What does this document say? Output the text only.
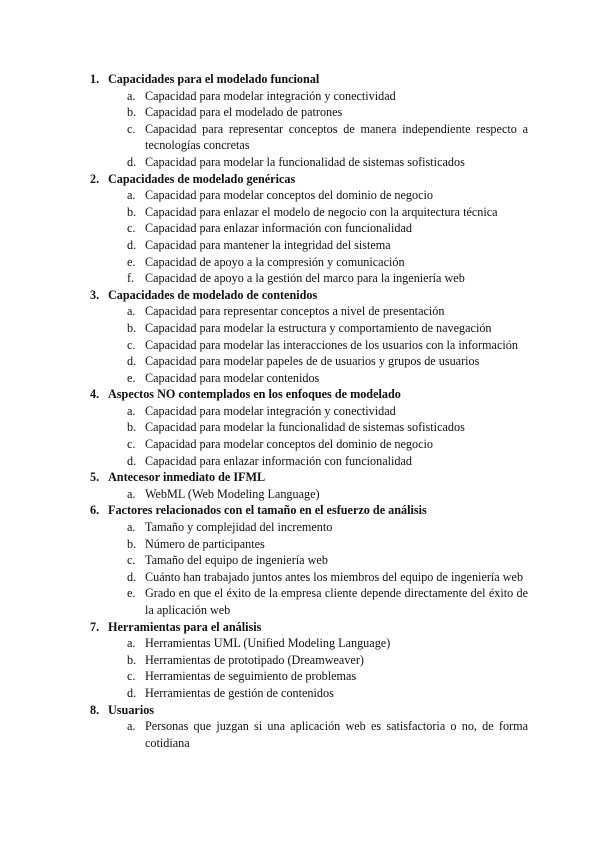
1. Capacidades para el modelado funcional
a. Capacidad para modelar integración y conectividad
b. Capacidad para el modelado de patrones
c. Capacidad para representar conceptos de manera independiente respecto a tecnologías concretas
d. Capacidad para modelar la funcionalidad de sistemas sofisticados
2. Capacidades de modelado genéricas
a. Capacidad para modelar conceptos del dominio de negocio
b. Capacidad para enlazar el modelo de negocio con la arquitectura técnica
c. Capacidad para enlazar información con funcionalidad
d. Capacidad para mantener la integridad del sistema
e. Capacidad de apoyo a la compresión y comunicación
f. Capacidad de apoyo a la gestión del marco para la ingeniería web
3. Capacidades de modelado de contenidos
a. Capacidad para representar conceptos a nivel de presentación
b. Capacidad para modelar la estructura y comportamiento de navegación
c. Capacidad para modelar las interacciones de los usuarios con la información
d. Capacidad para modelar papeles de de usuarios y grupos de usuarios
e. Capacidad para modelar contenidos
4. Aspectos NO contemplados en los enfoques de modelado
a. Capacidad para modelar integración y conectividad
b. Capacidad para modelar la funcionalidad de sistemas sofisticados
c. Capacidad para modelar conceptos del dominio de negocio
d. Capacidad para enlazar información con funcionalidad
5. Antecesor inmediato de IFML
a. WebML (Web Modeling Language)
6. Factores relacionados con el tamaño en el esfuerzo de análisis
a. Tamaño y complejidad del incremento
b. Número de participantes
c. Tamaño del equipo de ingeniería web
d. Cuánto han trabajado juntos antes los miembros del equipo de ingeniería web
e. Grado en que el éxito de la empresa cliente depende directamente del éxito de la aplicación web
7. Herramientas para el análisis
a. Herramientas UML (Unified Modeling Language)
b. Herramientas de prototipado (Dreamweaver)
c. Herramientas de seguimiento de problemas
d. Herramientas de gestión de contenidos
8. Usuarios
a. Personas que juzgan si una aplicación web es satisfactoria o no, de forma cotidiana
